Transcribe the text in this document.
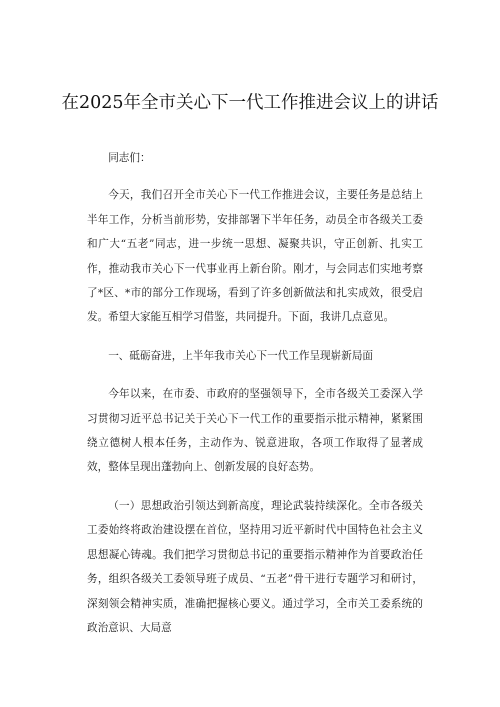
在2025年全市关心下一代工作推进会议上的讲话

同志们：

今天，我们召开全市关心下一代工作推进会议，主要任务是总结上半年工作，分析当前形势，安排部署下半年任务，动员全市各级关工委和广大“五老”同志，进一步统一思想、凝聚共识，守正创新、扎实工作，推动我市关心下一代事业再上新台阶。刚才，与会同志们实地考察了*区、*市的部分工作现场，看到了许多创新做法和扎实成效，很受启发。希望大家能互相学习借鉴，共同提升。下面，我讲几点意见。

一、砥砺奋进，上半年我市关心下一代工作呈现崭新局面

今年以来，在市委、市政府的坚强领导下，全市各级关工委深入学习贯彻习近平总书记关于关心下一代工作的重要指示批示精神，紧紧围绕立德树人根本任务，主动作为、锐意进取，各项工作取得了显著成效，整体呈现出蓬勃向上、创新发展的良好态势。

（一）思想政治引领达到新高度，理论武装持续深化。全市各级关工委始终将政治建设摆在首位，坚持用习近平新时代中国特色社会主义思想凝心铸魂。我们把学习贯彻总书记的重要指示精神作为首要政治任务，组织各级关工委领导班子成员、“五老”骨干进行专题学习和研讨，深刻领会精神实质，准确把握核心要义。通过学习，全市关工委系统的政治意识、大局意
